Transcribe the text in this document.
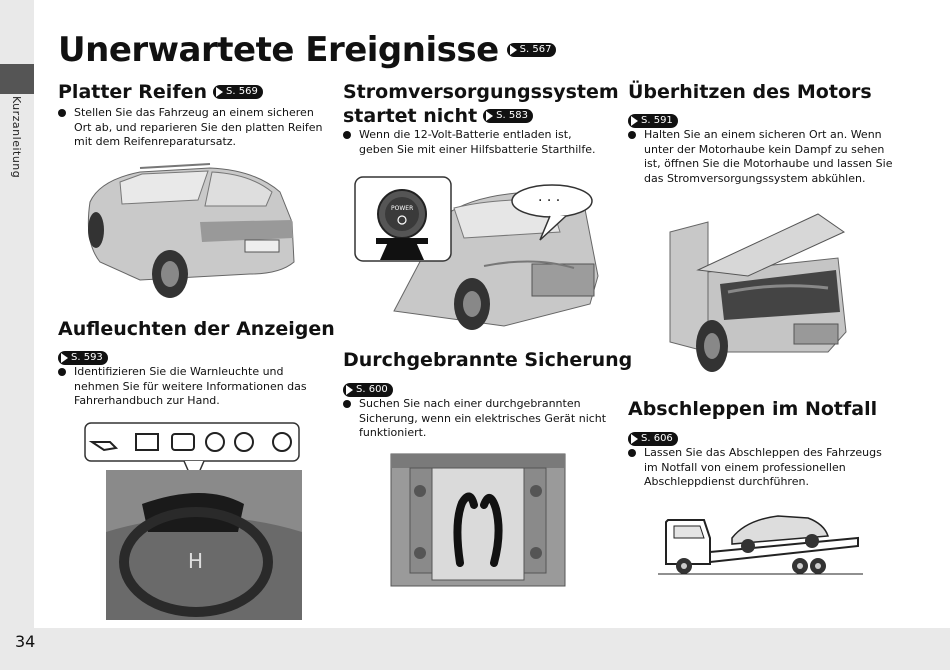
Kurzanleitung
34
Unerwartete Ereignisse S. 567
Platter Reifen S. 569
Stellen Sie das Fahrzeug an einem sicheren Ort ab, und reparieren Sie den platten Reifen mit dem Reifenreparatursatz.
Aufleuchten der Anzeigen
S. 593
Identifizieren Sie die Warnleuchte und nehmen Sie für weitere Informationen das Fahrerhandbuch zur Hand.
H
Stromversorgungssystem
startet nicht S. 583
Wenn die 12-Volt-Batterie entladen ist, geben Sie mit einer Hilfsbatterie Starthilfe.
POWER	· · ·
Durchgebrannte Sicherung
S. 600
Suchen Sie nach einer durchgebrannten Sicherung, wenn ein elektrisches Gerät nicht funktioniert.
Überhitzen des Motors
S. 591
Halten Sie an einem sicheren Ort an. Wenn unter der Motorhaube kein Dampf zu sehen ist, öffnen Sie die Motorhaube und lassen Sie das Stromversorgungssystem abkühlen.
Abschleppen im Notfall
S. 606
Lassen Sie das Abschleppen des Fahrzeugs im Notfall von einem professionellen Abschleppdienst durchführen.
